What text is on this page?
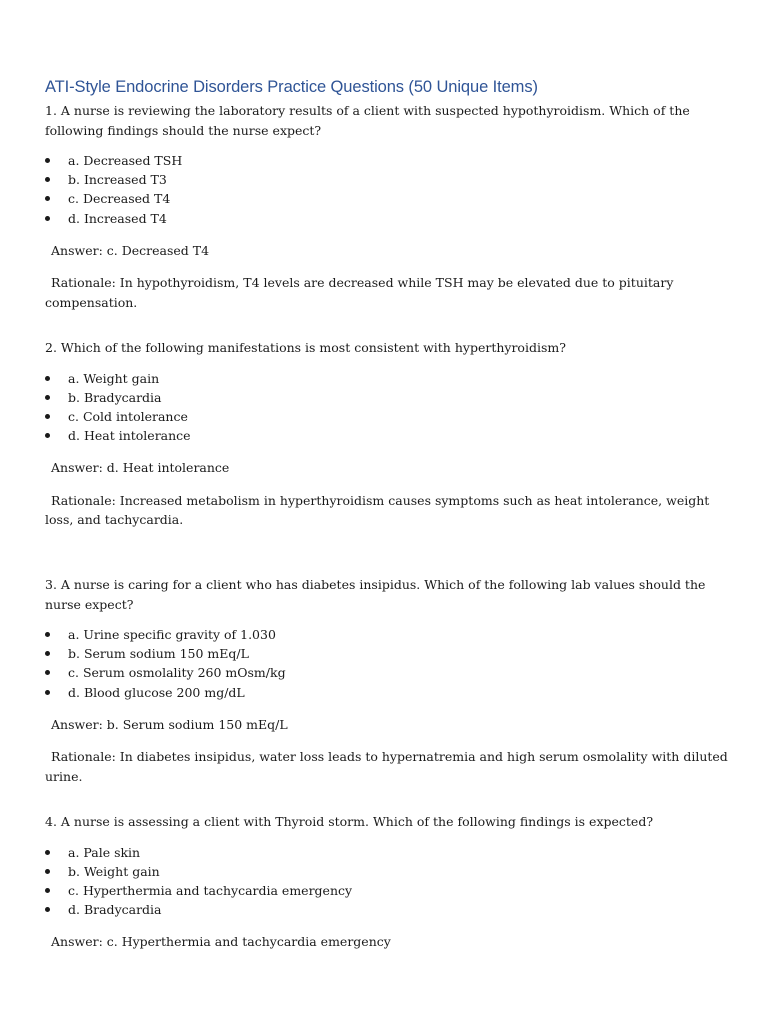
ATI-Style Endocrine Disorders Practice Questions (50 Unique Items)

1. A nurse is reviewing the laboratory results of a client with suspected hypothyroidism. Which of the following findings should the nurse expect?

a. Decreased TSH
b. Increased T3
c. Decreased T4
d. Increased T4

Answer: c. Decreased T4

Rationale: In hypothyroidism, T4 levels are decreased while TSH may be elevated due to pituitary compensation.

2. Which of the following manifestations is most consistent with hyperthyroidism?

a. Weight gain
b. Bradycardia
c. Cold intolerance
d. Heat intolerance

Answer: d. Heat intolerance

Rationale: Increased metabolism in hyperthyroidism causes symptoms such as heat intolerance, weight loss, and tachycardia.

3. A nurse is caring for a client who has diabetes insipidus. Which of the following lab values should the nurse expect?

a. Urine specific gravity of 1.030
b. Serum sodium 150 mEq/L
c. Serum osmolality 260 mOsm/kg
d. Blood glucose 200 mg/dL

Answer: b. Serum sodium 150 mEq/L

Rationale: In diabetes insipidus, water loss leads to hypernatremia and high serum osmolality with diluted urine.

4. A nurse is assessing a client with Thyroid storm. Which of the following findings is expected?

a. Pale skin
b. Weight gain
c. Hyperthermia and tachycardia emergency
d. Bradycardia

Answer: c. Hyperthermia and tachycardia emergency
